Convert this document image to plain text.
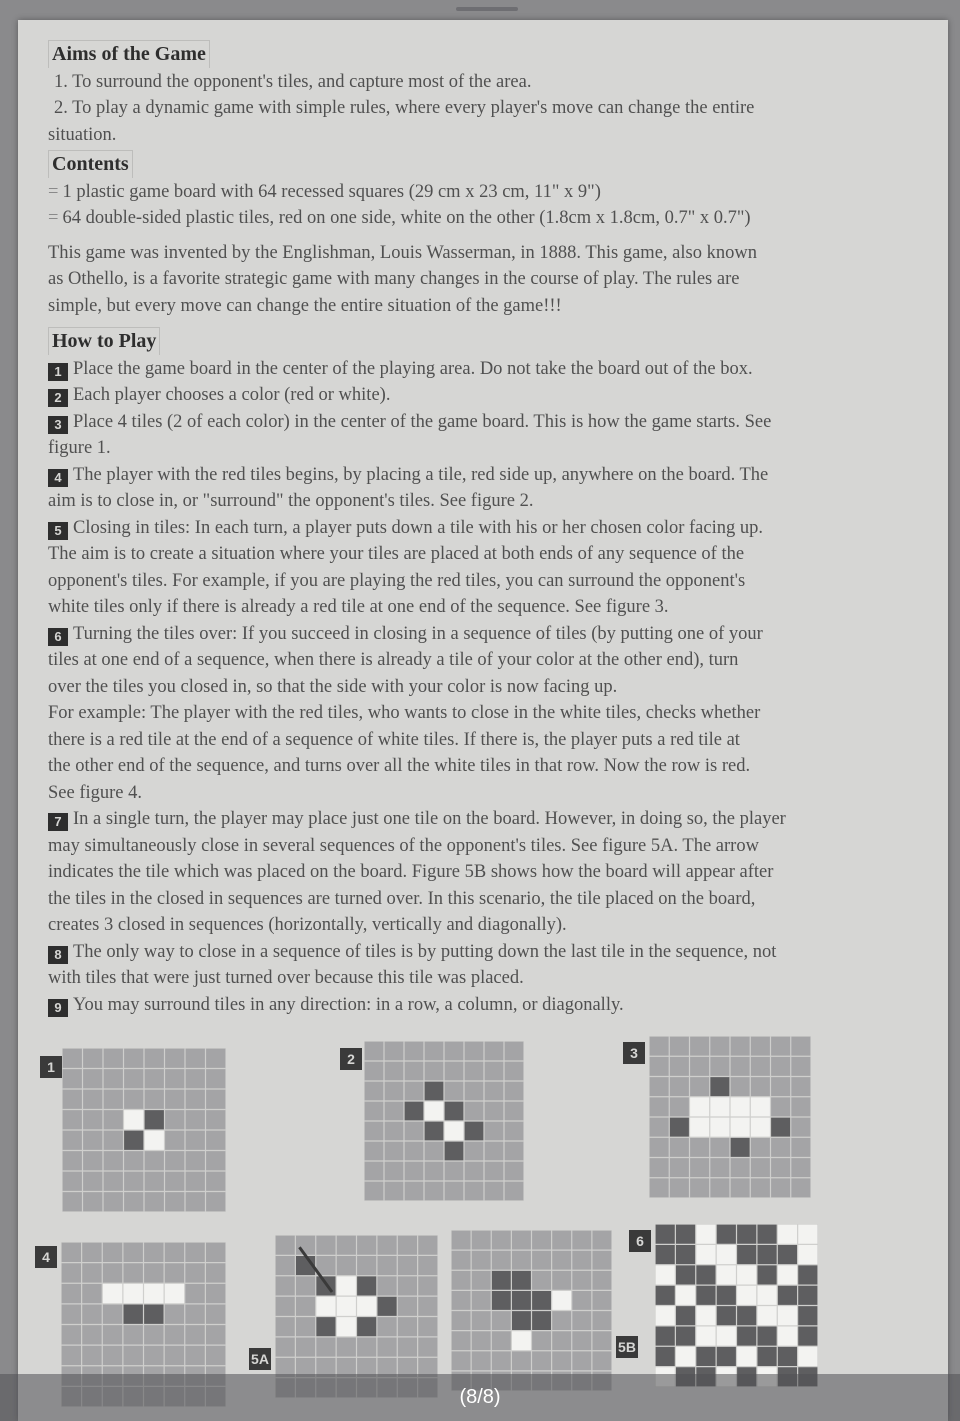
Aims of the Game

1. To surround the opponent's tiles, and capture most of the area.

2. To play a dynamic game with simple rules, where every player's move can change the entire

situation.

Contents

= 1 plastic game board with 64 recessed squares (29 cm x 23 cm, 11" x 9")

= 64 double-sided plastic tiles, red on one side, white on the other (1.8cm x 1.8cm, 0.7" x 0.7")

This game was invented by the Englishman, Louis Wasserman, in 1888. This game, also known

as Othello, is a favorite strategic game with many changes in the course of play. The rules are

simple, but every move can change the entire situation of the game!!!

How to Play

1 Place the game board in the center of the playing area. Do not take the board out of the box.

2 Each player chooses a color (red or white).

3 Place 4 tiles (2 of each color) in the center of the game board. This is how the game starts. See

figure 1.

4 The player with the red tiles begins, by placing a tile, red side up, anywhere on the board. The

aim is to close in, or "surround" the opponent's tiles. See figure 2.

5 Closing in tiles: In each turn, a player puts down a tile with his or her chosen color facing up.

The aim is to create a situation where your tiles are placed at both ends of any sequence of the

opponent's tiles. For example, if you are playing the red tiles, you can surround the opponent's

white tiles only if there is already a red tile at one end of the sequence. See figure 3.

6 Turning the tiles over: If you succeed in closing in a sequence of tiles (by putting one of your

tiles at one end of a sequence, when there is already a tile of your color at the other end), turn

over the tiles you closed in, so that the side with your color is now facing up.

For example: The player with the red tiles, who wants to close in the white tiles, checks whether

there is a red tile at the end of a sequence of white tiles. If there is, the player puts a red tile at

the other end of the sequence, and turns over all the white tiles in that row. Now the row is red.

See figure 4.

7 In a single turn, the player may place just one tile on the board. However, in doing so, the player

may simultaneously close in several sequences of the opponent's tiles. See figure 5A. The arrow

indicates the tile which was placed on the board. Figure 5B shows how the board will appear after

the tiles in the closed in sequences are turned over. In this scenario, the tile placed on the board,

creates 3 closed in sequences (horizontally, vertically and diagonally).

8 The only way to close in a sequence of tiles is by putting down the last tile in the sequence, not

with tiles that were just turned over because this tile was placed.

9 You may surround tiles in any direction: in a row, a column, or diagonally.

1	2	3
4
5A
5B
6
(8/8)
